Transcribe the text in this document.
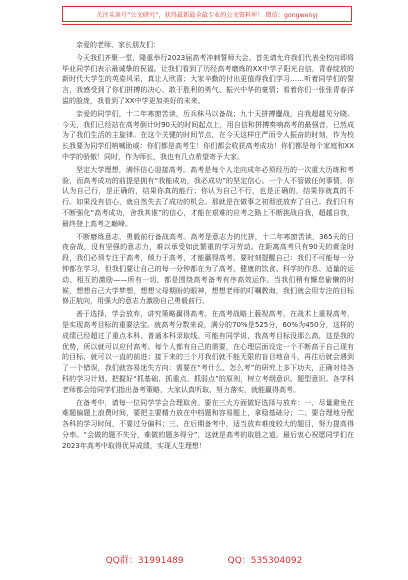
关注头条号“公文研究”，获得最新最全最专业的公文资料库！ 微信：gongwenyj

亲爱的老师、家长朋友们：

今天我们齐聚一堂，隆重举行2023届高考冲刺誓师大会。首先请允许我们代表全校向即将毕业同学们表示最诚挚的祝福。让我们看到了历经高考磨炼的XX中学子阳光自信，青春绽放的新时代大学生的英姿风采，真让人欣喜；大家辛勤的付出更值得我们学习……听着同学们的誓言，我感受到了你们拼搏的决心、敢于胜利的勇气、振兴中华的豪情；看着你们一张张青春洋溢的脸庞，我看到了XX中学更加美好的未来。

亲爱的同学们，十二年寒窗苦读，历兵秣马以备战；九十天拼搏鏖战，自我超越见分晓。今天，我们已经站在高考倒计时90天的时间起点上，用自信和拼搏奏响高考的最强音，已然成为了我们生活的主旋律。在这个关键的时间节点，在今天这样庄严而令人振奋的时刻，作为校长我要为同学们呐喊助威：你们都是高考生！你们都会收获高考成功！你们都是每个家庭和XX中学的骄傲！同时，作为师长，我也有几点希望寄予大家。

坚定大学理想，满怀信心迎接高考。高考是每个人走向成年必须经历的一次重大历练和考验，而高考成功的前提是拥有“我能成功，我必成功”的坚定信心。一个人不管做任何事情，你认为自己行，是正确的，结果你真的能行；你认为自己不行，也是正确的，结果你就真的不行。如果没有信心，就自然失去了成功的机会。那就是在做事之初彻底放弃了自己。我们只有不断强化“高考成功，舍我其谁”的信心，才能在艰难的应考之路上不断挑战自我，超越自我，最终登上高考之巅峰。

不断磨练意志，勇毅前行备战高考。高考是意志力的比拼，十二年寒窗苦读，365天的日夜奋战，没有坚强的意志力，难以承受如此繁重的学习劳动。在距离高考只有90天的黄金时段，我们必须专注于高考，倾力于高考，才能赢得高考。要时刻提醒自己：我们不可能每一分钟都在学习，但我们要让自己的每一分钟都在为了高考。健康的饮食、科学的作息、适量的运动、相互的激励——所有一切，都是围绕高考备考有序高效运作。当我们稍有懈怠偷懒的时候，想想自己大学梦想，想想父母期盼的眼神，想想老师的叮嘱教诲，我们就会用专注的目标修正航向，用强大的意志力激励自己勇毅前行。

善于选择，学会放弃，讲究策略赢得高考。在高考战略上藐视高考，在战术上重视高考，是实现高考目标的重要法宝。就高考分数来说，满分的70%是525分，60%为450分，这样的成绩已经超过了重点本科、普通本科录取线。可能有同学说，我高考目标没那么高，这是我的优势，所以就可以应付高考。每个人都有自己的需要，在心理层面设定一个不断高于自己现有的目标，就可以一直的前进；接下来的三个月我们就不能无限的盲目地奋斗，再往后就会遇到了一个错误，我们就容易迷失方向：需要在“考什么、怎么考”的研究上多下功夫，正确对待各科的学习计划。把握好“抓基础、抓重点、抓弱点”的原则，树立考纲意识、题型意识。各学科老师都会给同学们指出备考策略，大家认真听取、努力落实，就能赢得高考。

在备考中，请每一位同学学会合理取舍。要在三大方面做好选择与放弃：一、尽量避免在难题偏题上浪费时间，要把主要精力放在中档题和容易题上，拿稳基础分；二、要合理地分配各科的学习时间，不要过分偏科；三、在后期备考中，适当放弃难度较大的题目，努力提高得分率。“会做的题不失分，难做的题多得分”，这就是高考的取胜之道。最后衷心祝愿同学们在2023年高考中取得优异成绩，实现人生理想！

QQ群：31991489	QQ：535304092
